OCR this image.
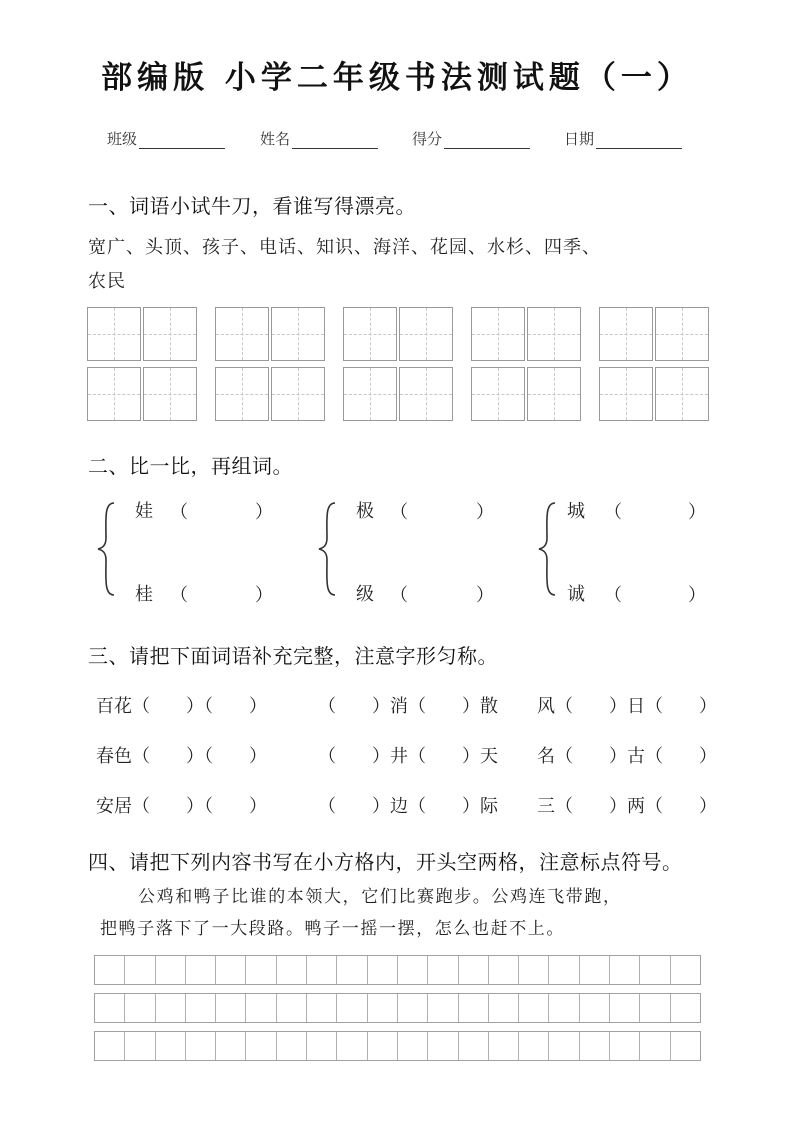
部编版 小学二年级书法测试题（一）
班级	姓名	得分	日期
一、词语小试牛刀，看谁写得漂亮。
宽广、头顶、孩子、电话、知识、海洋、花园、水杉、四季、
农民
二、比一比，再组词。
娃 （	）
桂 （	）
极 （	）
级 （	）
城 （	）
诚 （	）
三、请把下面词语补充完整，注意字形匀称。
百花（　　）（　　）	（　　）消（　　）散 风（　　）日（　　）
春色（　　）（　　）	（　　）井（　　）天 名（　　）古（　　）
安居（　　）（　　）	（　　）边（　　）际 三（　　）两（　　）
四、请把下列内容书写在小方格内，开头空两格，注意标点符号。
公鸡和鸭子比谁的本领大，它们比赛跑步。公鸡连飞带跑，
把鸭子落下了一大段路。鸭子一摇一摆，怎么也赶不上。
